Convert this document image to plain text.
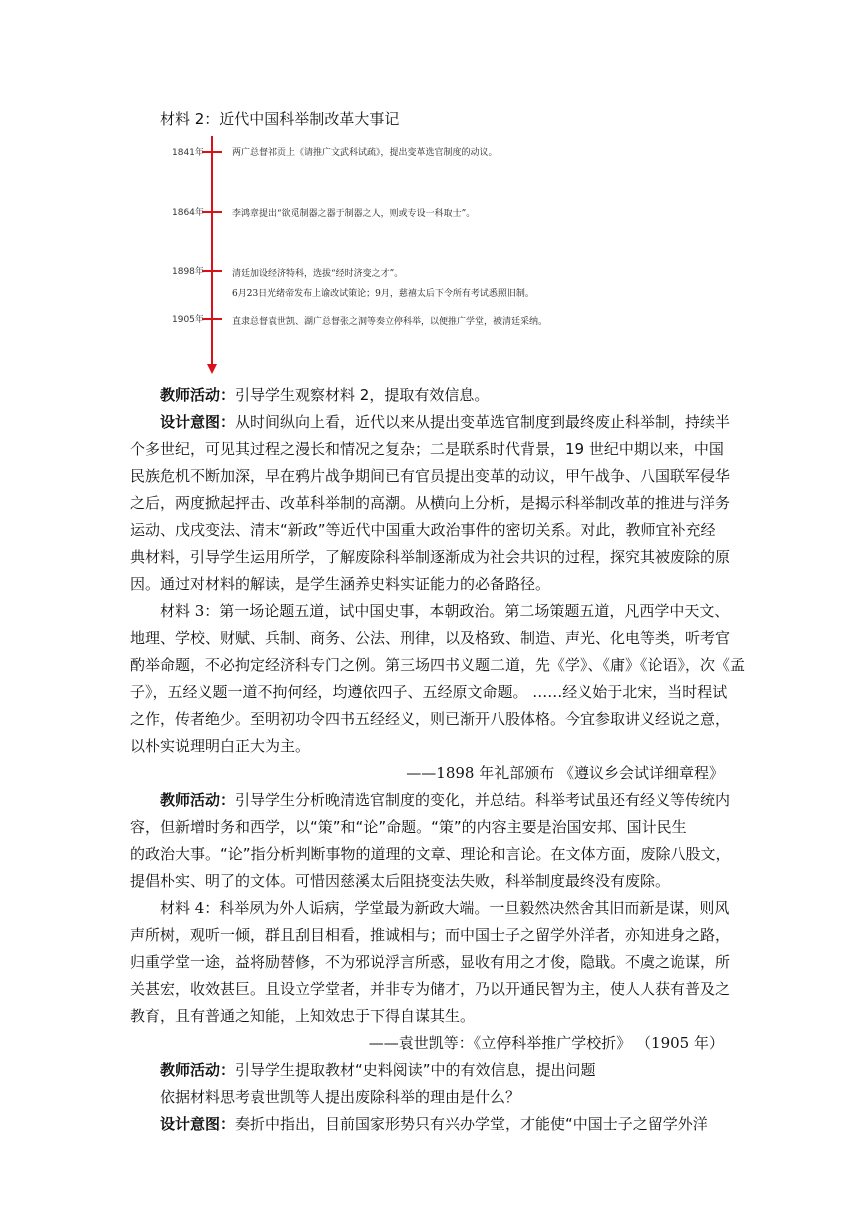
材料 2：近代中国科举制改革大事记
1841年	两广总督祁贡上《请推广文武科试疏》，提出变革选官制度的动议。
1864年	李鸿章提出“欲觅制器之器于制器之人，则或专设一科取士”。
1898年	清廷加设经济特科，选拔“经时济变之才”。
6月23日光绪帝发布上谕改试策论；9月，慈禧太后下令所有考试悉照旧制。
1905年	直隶总督袁世凯、湖广总督张之洞等奏立停科举，以便推广学堂，被清廷采纳。
教师活动：引导学生观察材料 2，提取有效信息。
设计意图：从时间纵向上看，近代以来从提出变革选官制度到最终废止科举制，持续半
个多世纪，可见其过程之漫长和情况之复杂；二是联系时代背景，19 世纪中期以来，中国
民族危机不断加深，早在鸦片战争期间已有官员提出变革的动议，甲午战争、八国联军侵华
之后，两度掀起抨击、改革科举制的高潮。从横向上分析，是揭示科举制改革的推进与洋务
运动、戊戌变法、清末“新政”等近代中国重大政治事件的密切关系。对此，教师宜补充经
典材料，引导学生运用所学，了解废除科举制逐渐成为社会共识的过程，探究其被废除的原
因。通过对材料的解读，是学生涵养史料实证能力的必备路径。
材料 3：第一场论题五道，试中国史事，本朝政治。第二场策题五道，凡西学中天文、
地理、学校、财赋、兵制、商务、公法、刑律，以及格致、制造、声光、化电等类，听考官
酌举命题，不必拘定经济科专门之例。第三场四书义题二道，先《学》、《庸》《论语》，次《孟
子》，五经义题一道不拘何经，均遵依四子、五经原文命题。 ……经义始于北宋，当时程试
之作，传者绝少。至明初功令四书五经经义，则已渐开八股体格。今宜参取讲义经说之意，
以朴实说理明白正大为主。
——1898 年礼部颁布 《遵议乡会试详细章程》
教师活动：引导学生分析晚清选官制度的变化，并总结。科举考试虽还有经义等传统内
容，但新增时务和西学，以“策”和“论”命题。“策”的内容主要是治国安邦、国计民生
的政治大事。“论”指分析判断事物的道理的文章、理论和言论。在文体方面，废除八股文，
提倡朴实、明了的文体。可惜因慈溪太后阻挠变法失败，科举制度最终没有废除。
材料 4：科举夙为外人诟病，学堂最为新政大端。一旦毅然决然舍其旧而新是谋，则风
声所树，观听一倾，群且刮目相看，推诚相与；而中国士子之留学外洋者，亦知进身之路，
归重学堂一途，益将励替修，不为邪说浮言所惑，显收有用之才俊，隐戢。不虞之诡谋，所
关甚宏，收效甚巨。且设立学堂者，并非专为储才，乃以开通民智为主，使人人获有普及之
教育，且有普通之知能，上知效忠于下得自谋其生。
——袁世凯等：《立停科举推广学校折》 （1905 年）
教师活动：引导学生提取教材“史料阅读”中的有效信息，提出问题
依据材料思考袁世凯等人提出废除科举的理由是什么？
设计意图：奏折中指出，目前国家形势只有兴办学堂，才能使“中国士子之留学外洋
